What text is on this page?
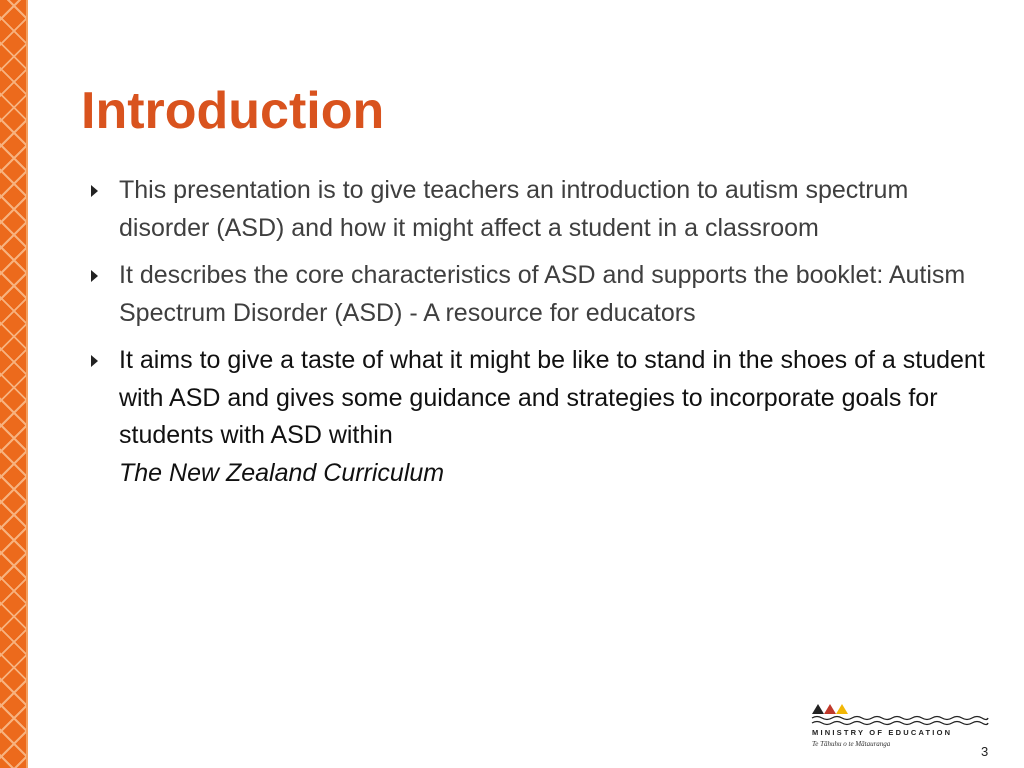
Introduction
This presentation is to give teachers an introduction to autism spectrum disorder (ASD) and how it might affect a student in a classroom
It describes the core characteristics of ASD and supports the booklet: Autism Spectrum Disorder (ASD) - A resource for educators
It aims to give a taste of what it might be like to stand in the shoes of a student with ASD and gives some guidance and strategies to incorporate goals for students with ASD within
The New Zealand Curriculum
MINISTRY OF EDUCATION
Te Tāhuhu o te Mātauranga	3
